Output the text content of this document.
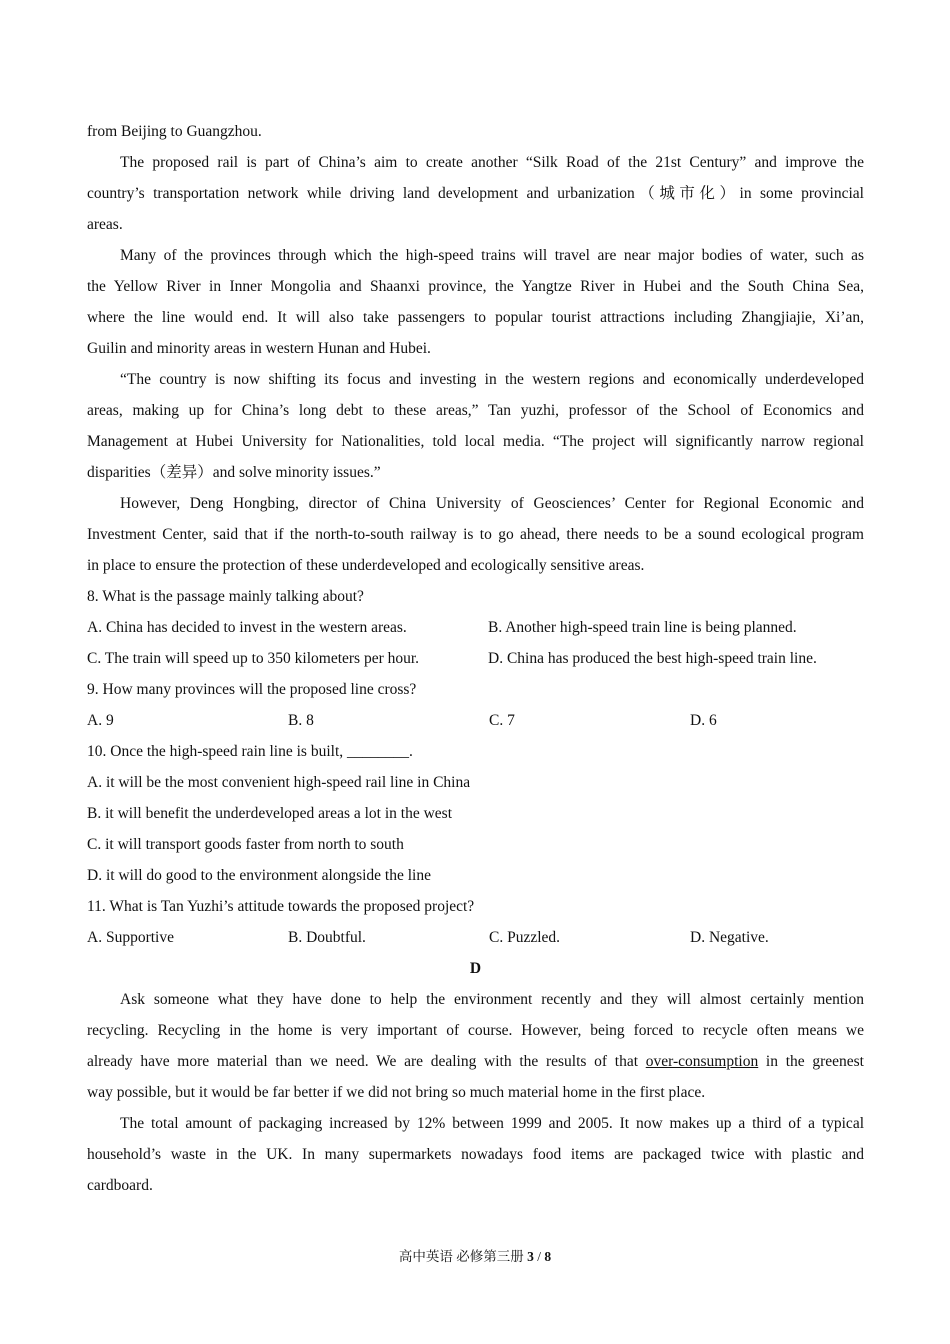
from Beijing to Guangzhou.
The proposed rail is part of China’s aim to create another “Silk Road of the 21st Century” and improve the
country’s transportation network while driving land development and urbanization（城市化）in some provincial
areas.
Many of the provinces through which the high-speed trains will travel are near major bodies of water, such as
the Yellow River in Inner Mongolia and Shaanxi province, the Yangtze River in Hubei and the South China Sea,
where the line would end. It will also take passengers to popular tourist attractions including Zhangjiajie, Xi’an,
Guilin and minority areas in western Hunan and Hubei.
“The country is now shifting its focus and investing in the western regions and economically underdeveloped
areas, making up for China’s long debt to these areas,” Tan yuzhi, professor of the School of Economics and
Management at Hubei University for Nationalities, told local media. “The project will significantly narrow regional
disparities（差异）and solve minority issues.”
However, Deng Hongbing, director of China University of Geosciences’ Center for Regional Economic and
Investment Center, said that if the north-to-south railway is to go ahead, there needs to be a sound ecological program
in place to ensure the protection of these underdeveloped and ecologically sensitive areas.
8. What is the passage mainly talking about?
A. China has decided to invest in the western areas.	B. Another high-speed train line is being planned.
C. The train will speed up to 350 kilometers per hour.	D. China has produced the best high-speed train line.
9. How many provinces will the proposed line cross?
A. 9	B. 8	C. 7	D. 6
10. Once the high-speed rain line is built, ________.
A. it will be the most convenient high-speed rail line in China
B. it will benefit the underdeveloped areas a lot in the west
C. it will transport goods faster from north to south
D. it will do good to the environment alongside the line
11. What is Tan Yuzhi’s attitude towards the proposed project?
A. Supportive	B. Doubtful.	C. Puzzled.	D. Negative.
D
Ask someone what they have done to help the environment recently and they will almost certainly mention
recycling. Recycling in the home is very important of course. However, being forced to recycle often means we
already have more material than we need. We are dealing with the results of that over-consumption in the greenest
way possible, but it would be far better if we did not bring so much material home in the first place.
The total amount of packaging increased by 12% between 1999 and 2005. It now makes up a third of a typical
household’s waste in the UK. In many supermarkets nowadays food items are packaged twice with plastic and
cardboard.
高中英语 必修第三册 3 / 8
